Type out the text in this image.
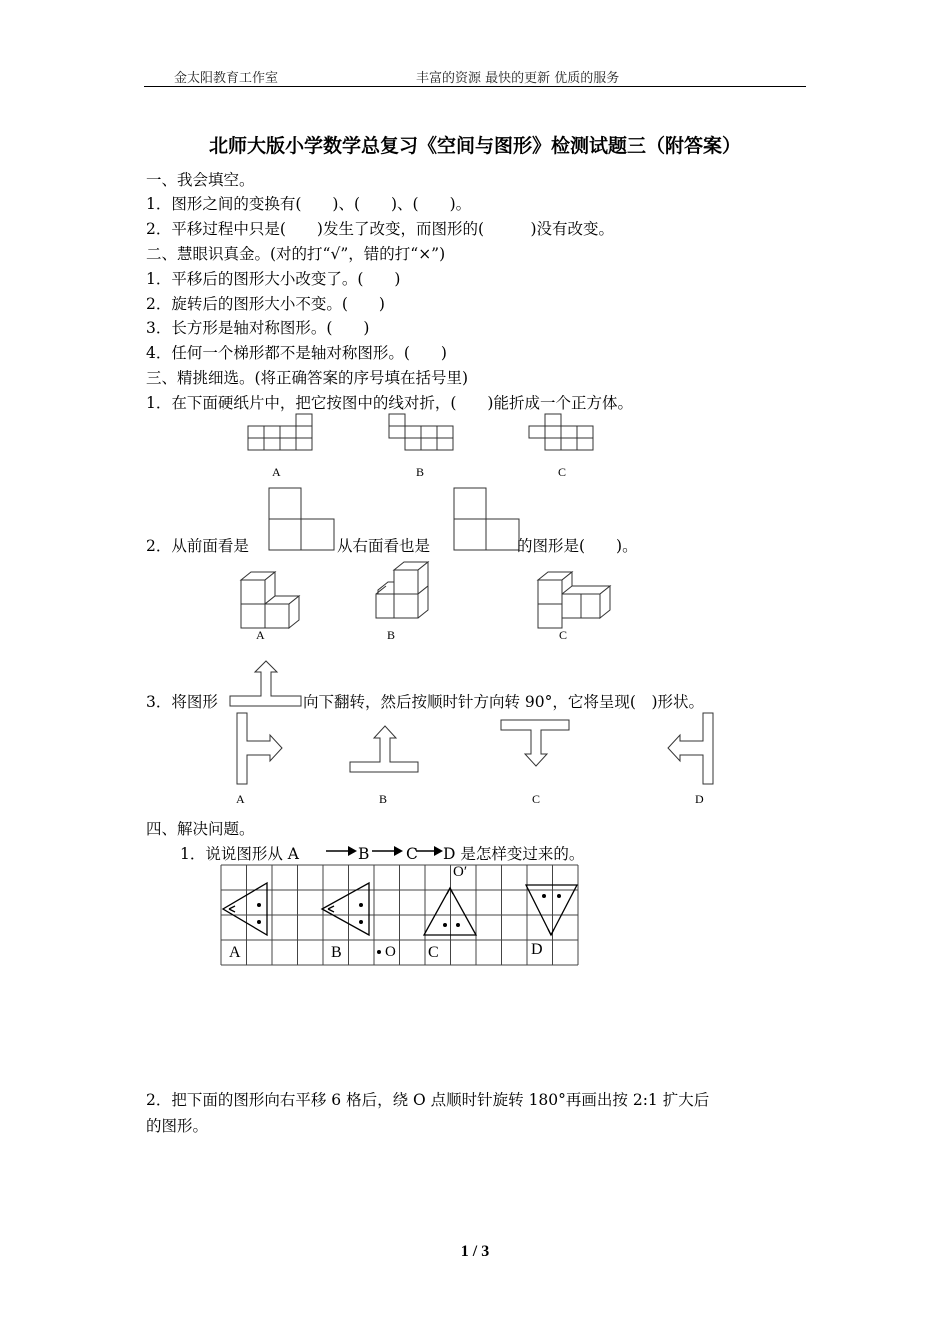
金太阳教育工作室	丰富的资源 最快的更新 优质的服务
北师大版小学数学总复习《空间与图形》检测试题三（附答案）
一、我会填空。
1．图形之间的变换有(　　)、(　　)、(　　)。
2．平移过程中只是(　　)发生了改变，而图形的(　　　)没有改变。
二、慧眼识真金。(对的打“√”，错的打“×”)
1．平移后的图形大小改变了。(　　)
2．旋转后的图形大小不变。(　　)
3．长方形是轴对称图形。(　　)
4．任何一个梯形都不是轴对称图形。(　　)
三、精挑细选。(将正确答案的序号填在括号里)
1．在下面硬纸片中，把它按图中的线对折，(　　)能折成一个正方体。
A	B	C
2．从前面看是	从右面看也是	的图形是(　　)。
A	B	C
3．将图形	向下翻转，然后按顺时针方向转 90°，它将呈现(　)形状。
A	B	C	D
四、解决问题。
1．说说图形从 A	B C D 是怎样变过来的。
A	B	C	D
O
O′
2．把下面的图形向右平移 6 格后，绕 O 点顺时针旋转 180°再画出按 2:1 扩大后
的图形。
1 / 3
